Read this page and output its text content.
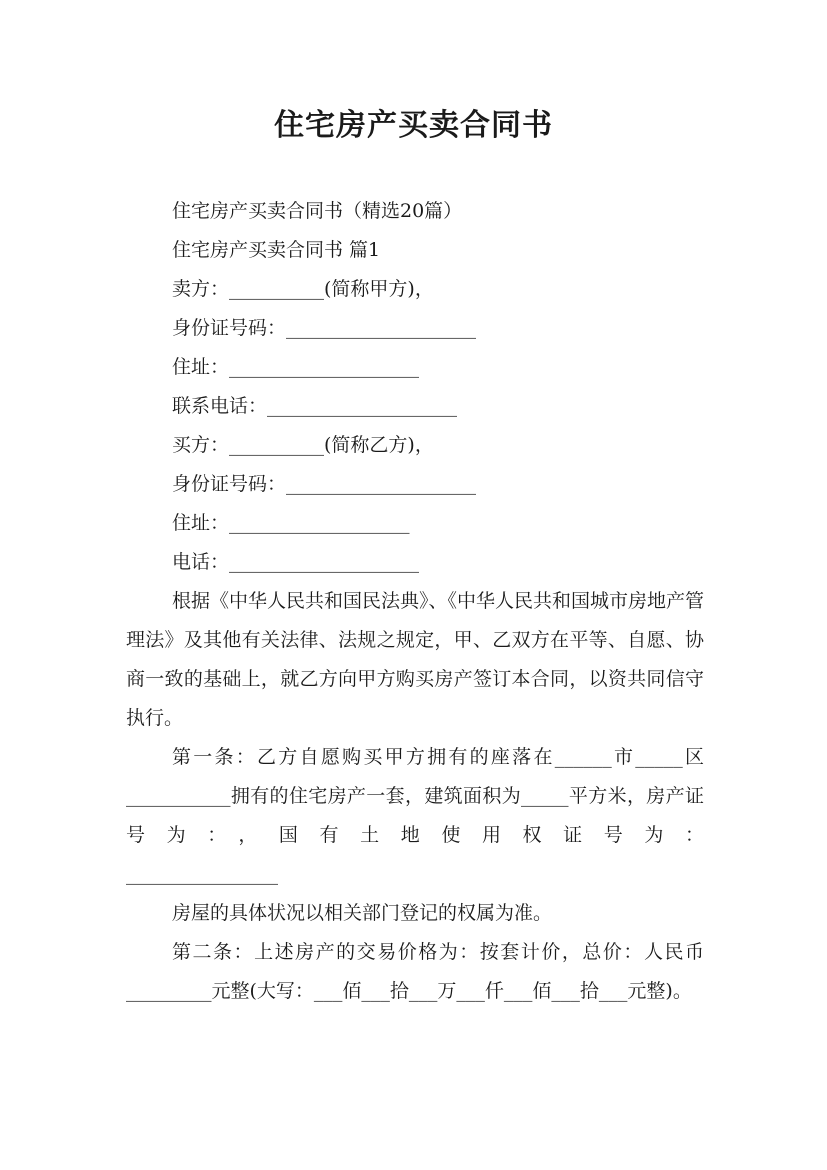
住宅房产买卖合同书

住宅房产买卖合同书（精选20篇）

住宅房产买卖合同书 篇1

卖方：__________(简称甲方)，

身份证号码：____________________

住址：____________________

联系电话：____________________

买方：__________(简称乙方)，

身份证号码：____________________

住址：___________________

电话：____________________

根据《中华人民共和国民法典》、《中华人民共和国城市房地产管理法》及其他有关法律、法规之规定，甲、乙双方在平等、自愿、协商一致的基础上，就乙方向甲方购买房产签订本合同，以资共同信守执行。

第一条：乙方自愿购买甲方拥有的座落在______市_____区___________拥有的住宅房产一套，建筑面积为_____平方米，房产证号为：，国有土地使用权证号为：

________________

房屋的具体状况以相关部门登记的权属为准。

第二条：上述房产的交易价格为：按套计价，总价：人民币_________元整(大写：___佰___拾___万___仟___佰___拾___元整)。
